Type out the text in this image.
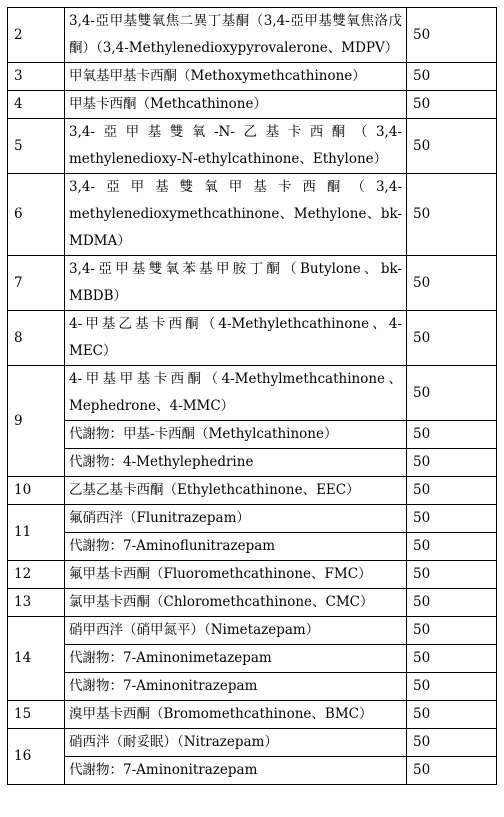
2	3,4-亞甲基雙氧焦二異丁基酮（3,4-亞甲基雙氧焦洛戊酮）（3,4-Methylenedioxypyrovalerone、MDPV）	50
3	甲氧基甲基卡西酮（Methoxymethcathinone）	50
4	甲基卡西酮（Methcathinone）	50
5	3,4-亞甲基雙氧-N-乙基卡西酮（3,4-methylenedioxy-N-ethylcathinone、Ethylone）	50
6	3,4-亞甲基雙氧甲基卡西酮（3,4-methylenedioxymethcathinone、Methylone、bk-MDMA）	50
7	3,4-亞甲基雙氧苯基甲胺丁酮（Butylone、bk-MBDB）	50
8	4-甲基乙基卡西酮（4-Methylethcathinone、4-MEC）	50
9	4-甲基甲基卡西酮（4-Methylmethcathinone、Mephedrone、4-MMC）	50

	代謝物：甲基-卡西酮（Methylcathinone）	50

	代謝物：4-Methylephedrine	50
10	乙基乙基卡西酮（Ethylethcathinone、EEC）	50
11	氟硝西泮（Flunitrazepam）	50

	代謝物：7-Aminoflunitrazepam	50
12	氟甲基卡西酮（Fluoromethcathinone、FMC）	50
13	氯甲基卡西酮（Chloromethcathinone、CMC）	50
14	硝甲西泮（硝甲氮平）（Nimetazepam）	50

	代謝物：7-Aminonimetazepam	50

	代謝物：7-Aminonitrazepam	50
15	溴甲基卡西酮（Bromomethcathinone、BMC）	50
16	硝西泮（耐妥眠）（Nitrazepam）	50

	代謝物：7-Aminonitrazepam	50
